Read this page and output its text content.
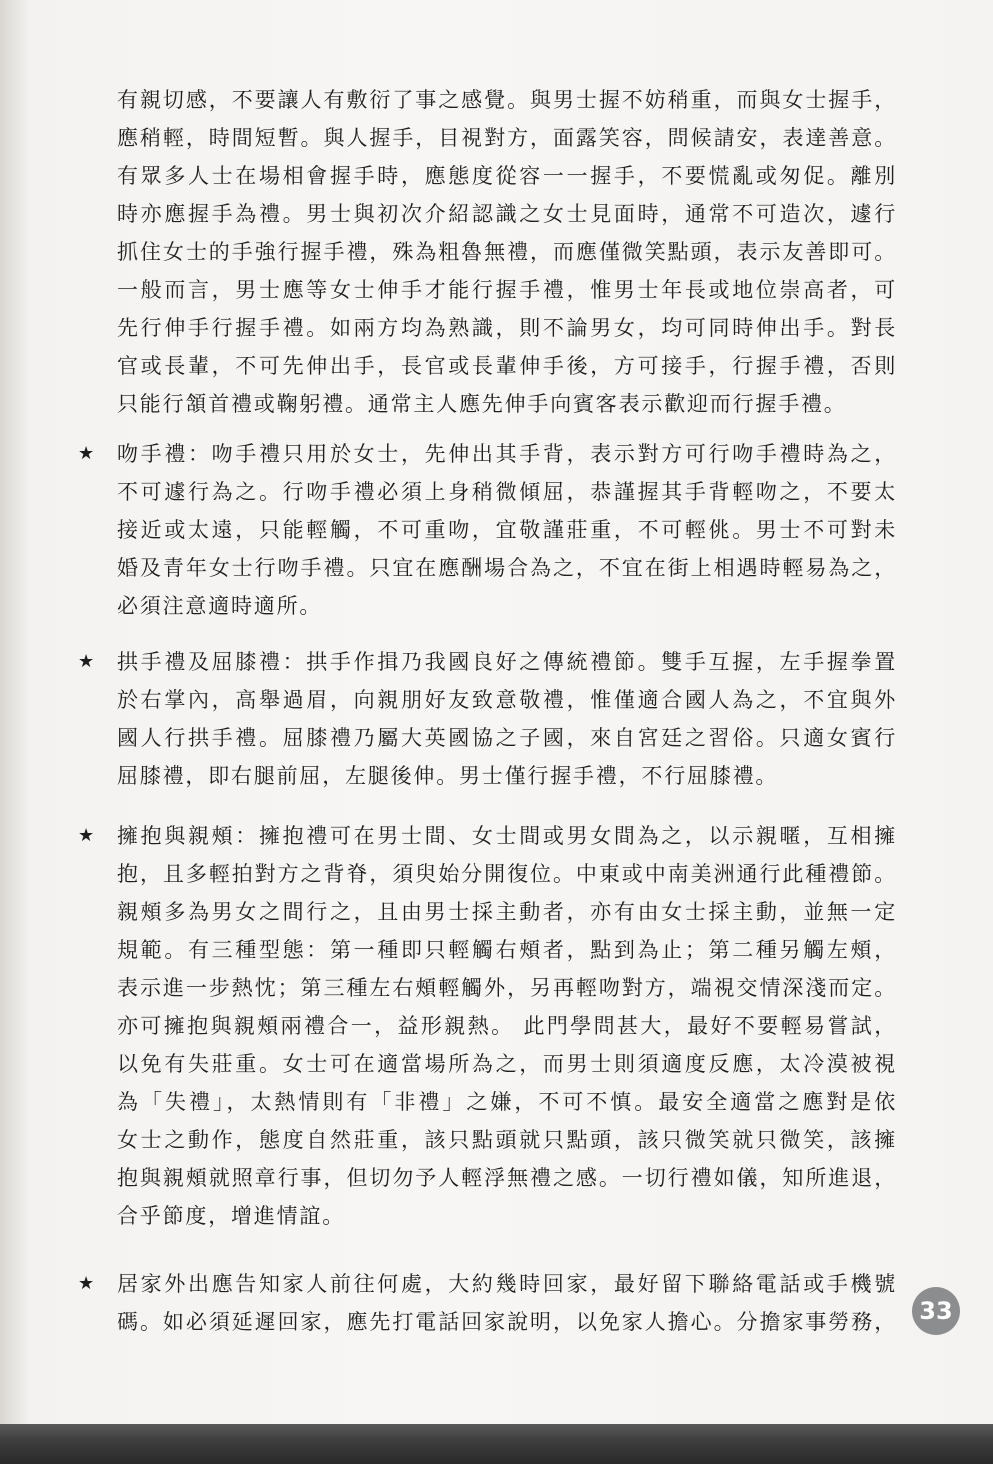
有親切感，不要讓人有敷衍了事之感覺。與男士握不妨稍重，而與女士握手，
應稍輕，時間短暫。與人握手，目視對方，面露笑容，問候請安，表達善意。
有眾多人士在場相會握手時，應態度從容一一握手，不要慌亂或匆促。離別
時亦應握手為禮。男士與初次介紹認識之女士見面時，通常不可造次，遽行
抓住女士的手強行握手禮，殊為粗魯無禮，而應僅微笑點頭，表示友善即可。
一般而言，男士應等女士伸手才能行握手禮，惟男士年長或地位崇高者，可
先行伸手行握手禮。如兩方均為熟識，則不論男女，均可同時伸出手。對長
官或長輩，不可先伸出手，長官或長輩伸手後，方可接手，行握手禮，否則
只能行頷首禮或鞠躬禮。通常主人應先伸手向賓客表示歡迎而行握手禮。
★ 吻手禮：吻手禮只用於女士，先伸出其手背，表示對方可行吻手禮時為之，
不可遽行為之。行吻手禮必須上身稍微傾屈，恭謹握其手背輕吻之，不要太
接近或太遠，只能輕觸，不可重吻，宜敬謹莊重，不可輕佻。男士不可對未
婚及青年女士行吻手禮。只宜在應酬場合為之，不宜在街上相遇時輕易為之，
必須注意適時適所。
★ 拱手禮及屈膝禮：拱手作揖乃我國良好之傳統禮節。雙手互握，左手握拳置
於右掌內，高舉過眉，向親朋好友致意敬禮，惟僅適合國人為之，不宜與外
國人行拱手禮。屈膝禮乃屬大英國協之子國，來自宮廷之習俗。只適女賓行
屈膝禮，即右腿前屈，左腿後伸。男士僅行握手禮，不行屈膝禮。
★ 擁抱與親頰：擁抱禮可在男士間、女士間或男女間為之，以示親暱，互相擁
抱，且多輕拍對方之背脊，須臾始分開復位。中東或中南美洲通行此種禮節。
親頰多為男女之間行之，且由男士採主動者，亦有由女士採主動，並無一定
規範。有三種型態：第一種即只輕觸右頰者，點到為止；第二種另觸左頰，
表示進一步熱忱；第三種左右頰輕觸外，另再輕吻對方，端視交情深淺而定。
亦可擁抱與親頰兩禮合一，益形親熱。 此門學問甚大，最好不要輕易嘗試，
以免有失莊重。女士可在適當場所為之，而男士則須適度反應，太冷漠被視
為「失禮」，太熱情則有「非禮」之嫌，不可不慎。最安全適當之應對是依
女士之動作，態度自然莊重，該只點頭就只點頭，該只微笑就只微笑，該擁
抱與親頰就照章行事，但切勿予人輕浮無禮之感。一切行禮如儀，知所進退，
合乎節度，增進情誼。
★ 居家外出應告知家人前往何處，大約幾時回家，最好留下聯絡電話或手機號
碼。如必須延遲回家，應先打電話回家說明，以免家人擔心。分擔家事勞務， 33
